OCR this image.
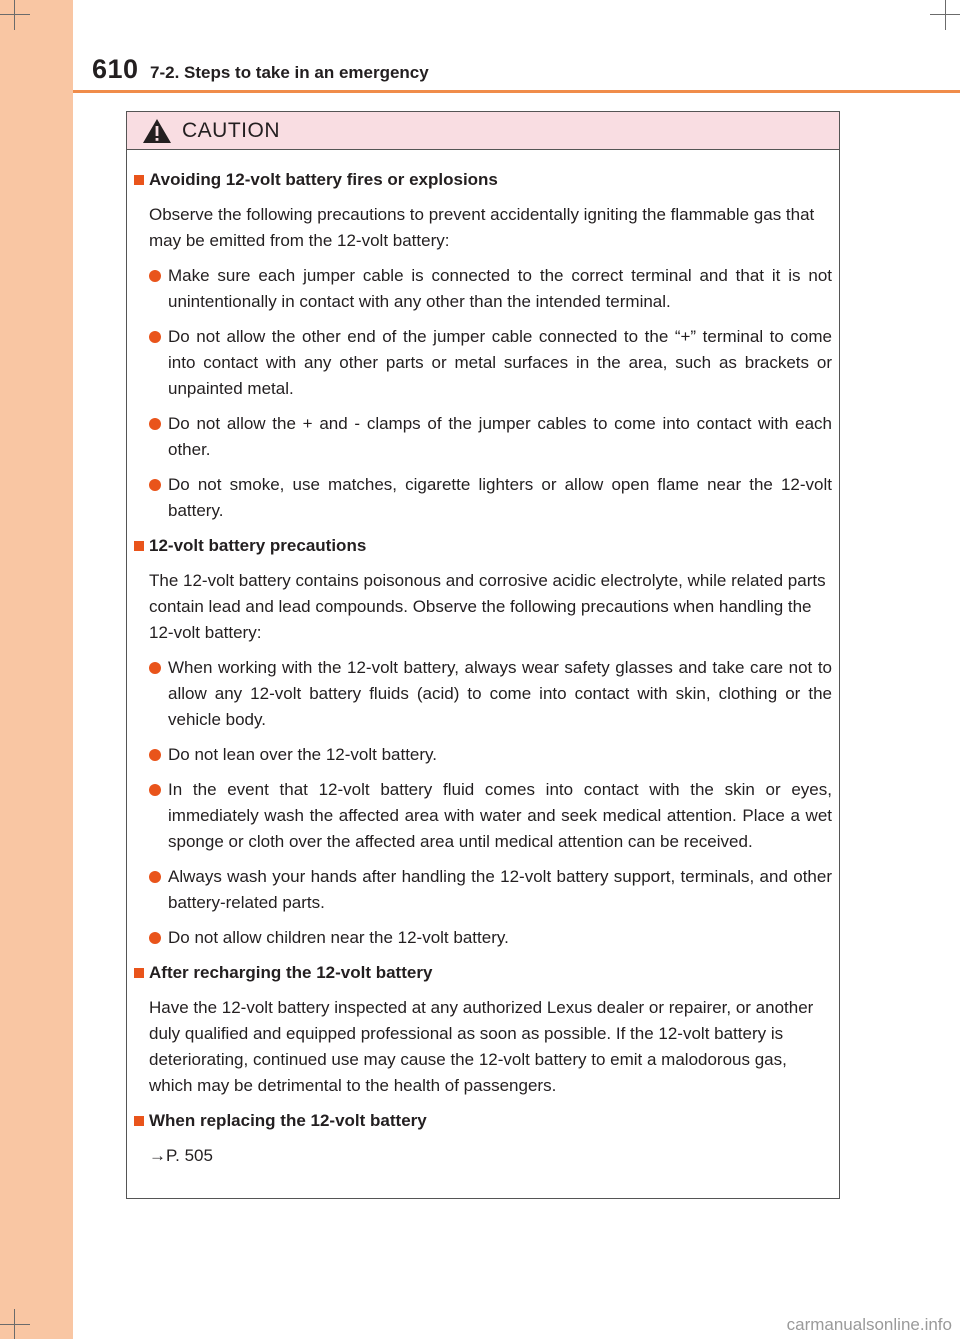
610 7-2. Steps to take in an emergency
CAUTION
Avoiding 12-volt battery fires or explosions
Observe the following precautions to prevent accidentally igniting the flammable gas that may be emitted from the 12-volt battery:
Make sure each jumper cable is connected to the correct terminal and that it is not unintentionally in contact with any other than the intended terminal.
Do not allow the other end of the jumper cable connected to the “+” terminal to come into contact with any other parts or metal surfaces in the area, such as brackets or unpainted metal.
Do not allow the + and - clamps of the jumper cables to come into contact with each other.
Do not smoke, use matches, cigarette lighters or allow open flame near the 12-volt battery.
12-volt battery precautions
The 12-volt battery contains poisonous and corrosive acidic electrolyte, while related parts contain lead and lead compounds. Observe the following precautions when handling the 12-volt battery:
When working with the 12-volt battery, always wear safety glasses and take care not to allow any 12-volt battery fluids (acid) to come into contact with skin, clothing or the vehicle body.
Do not lean over the 12-volt battery.
In the event that 12-volt battery fluid comes into contact with the skin or eyes, immediately wash the affected area with water and seek medical attention. Place a wet sponge or cloth over the affected area until medical attention can be received.
Always wash your hands after handling the 12-volt battery support, terminals, and other battery-related parts.
Do not allow children near the 12-volt battery.
After recharging the 12-volt battery
Have the 12-volt battery inspected at any authorized Lexus dealer or repairer, or another duly qualified and equipped professional as soon as possible. If the 12-volt battery is deteriorating, continued use may cause the 12-volt battery to emit a malodorous gas, which may be detrimental to the health of passengers.
When replacing the 12-volt battery
→P. 505
carmanualsonline.info
